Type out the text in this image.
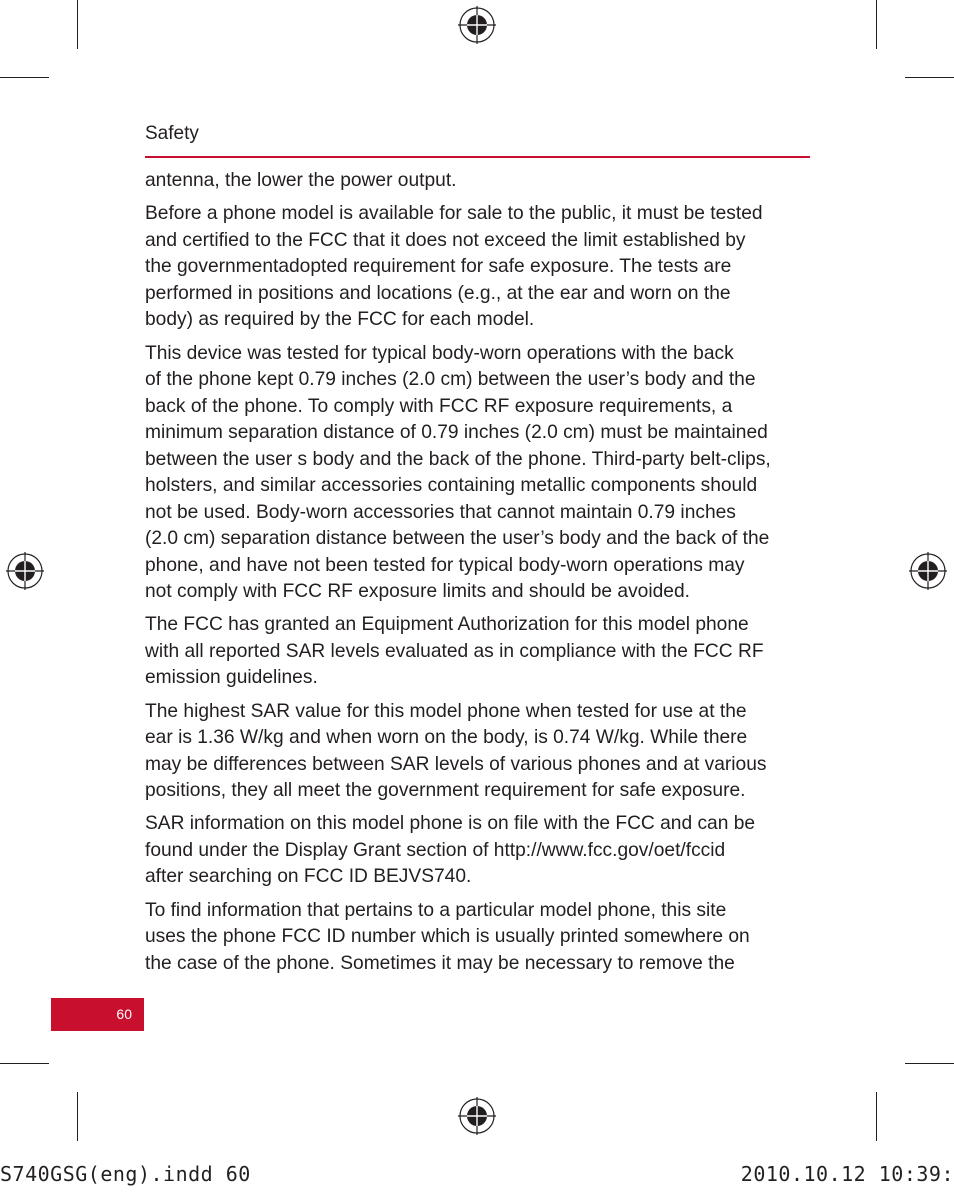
Safety

antenna, the lower the power output.

Before a phone model is available for sale to the public, it must be tested
and certified to the FCC that it does not exceed the limit established by
the governmentadopted requirement for safe exposure. The tests are
performed in positions and locations (e.g., at the ear and worn on the
body) as required by the FCC for each model.

This device was tested for typical body-worn operations with the back
of the phone kept 0.79 inches (2.0 cm) between the user’s body and the
back of the phone. To comply with FCC RF exposure requirements, a
minimum separation distance of 0.79 inches (2.0 cm) must be maintained
between the user s body and the back of the phone. Third-party belt-clips,
holsters, and similar accessories containing metallic components should
not be used. Body-worn accessories that cannot maintain 0.79 inches
(2.0 cm) separation distance between the user’s body and the back of the
phone, and have not been tested for typical body-worn operations may
not comply with FCC RF exposure limits and should be avoided.

The FCC has granted an Equipment Authorization for this model phone
with all reported SAR levels evaluated as in compliance with the FCC RF
emission guidelines.

The highest SAR value for this model phone when tested for use at the
ear is 1.36 W/kg and when worn on the body, is 0.74 W/kg. While there
may be differences between SAR levels of various phones and at various
positions, they all meet the government requirement for safe exposure.

SAR information on this model phone is on file with the FCC and can be
found under the Display Grant section of http://www.fcc.gov/oet/fccid
after searching on FCC ID BEJVS740.

To find information that pertains to a particular model phone, this site
uses the phone FCC ID number which is usually printed somewhere on
the case of the phone. Sometimes it may be necessary to remove the

60
S740GSG(eng).indd 60	2010.10.12 10:39:
